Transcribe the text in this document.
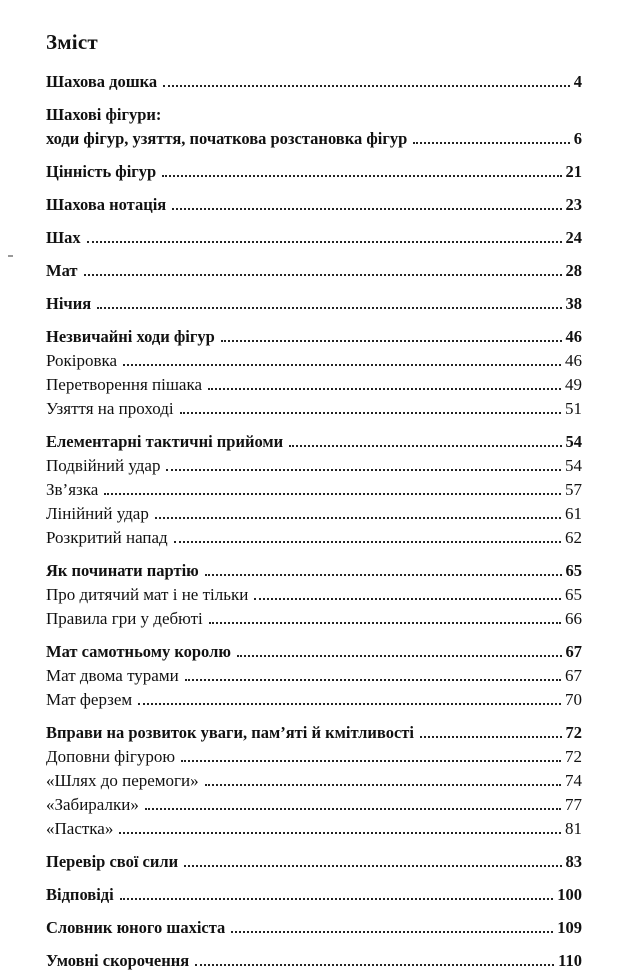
Зміст
Шахова дошка	4
Шахові фігури:
ходи фігур, узяття, початкова розстановка фігур	6
Цінність фігур	21
Шахова нотація	23
Шах	24
Мат	28
Нічия	38
Незвичайні ходи фігур	46
Рокіровка	46
Перетворення пішака	49
Узяття на проході	51
Елементарні тактичні прийоми	54
Подвійний удар	54
Зв’язка	57
Лінійний удар	61
Розкритий напад	62
Як починати партію	65
Про дитячий мат і не тільки	65
Правила гри у дебюті	66
Мат самотньому королю	67
Мат двома турами	67
Мат ферзем	70
Вправи на розвиток уваги, пам’яті й кмітливості	72
Доповни фігурою	72
«Шлях до перемоги»	74
«Забиралки»	77
«Пастка»	81
Перевір свої сили	83
Відповіді	100
Словник юного шахіста	109
Умовні скорочення	110
